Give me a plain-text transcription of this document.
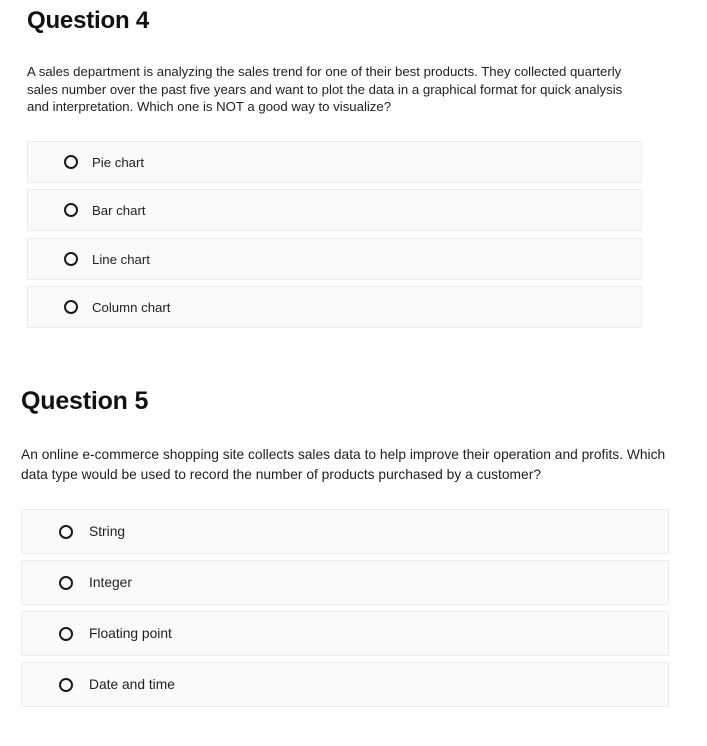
Question 4

A sales department is analyzing the sales trend for one of their best products. They collected quarterly sales number over the past five years and want to plot the data in a graphical format for quick analysis and interpretation. Which one is NOT a good way to visualize?

Pie chart
Bar chart
Line chart
Column chart
Question 5

An online e-commerce shopping site collects sales data to help improve their operation and profits. Which data type would be used to record the number of products purchased by a customer?

String
Integer
Floating point
Date and time
